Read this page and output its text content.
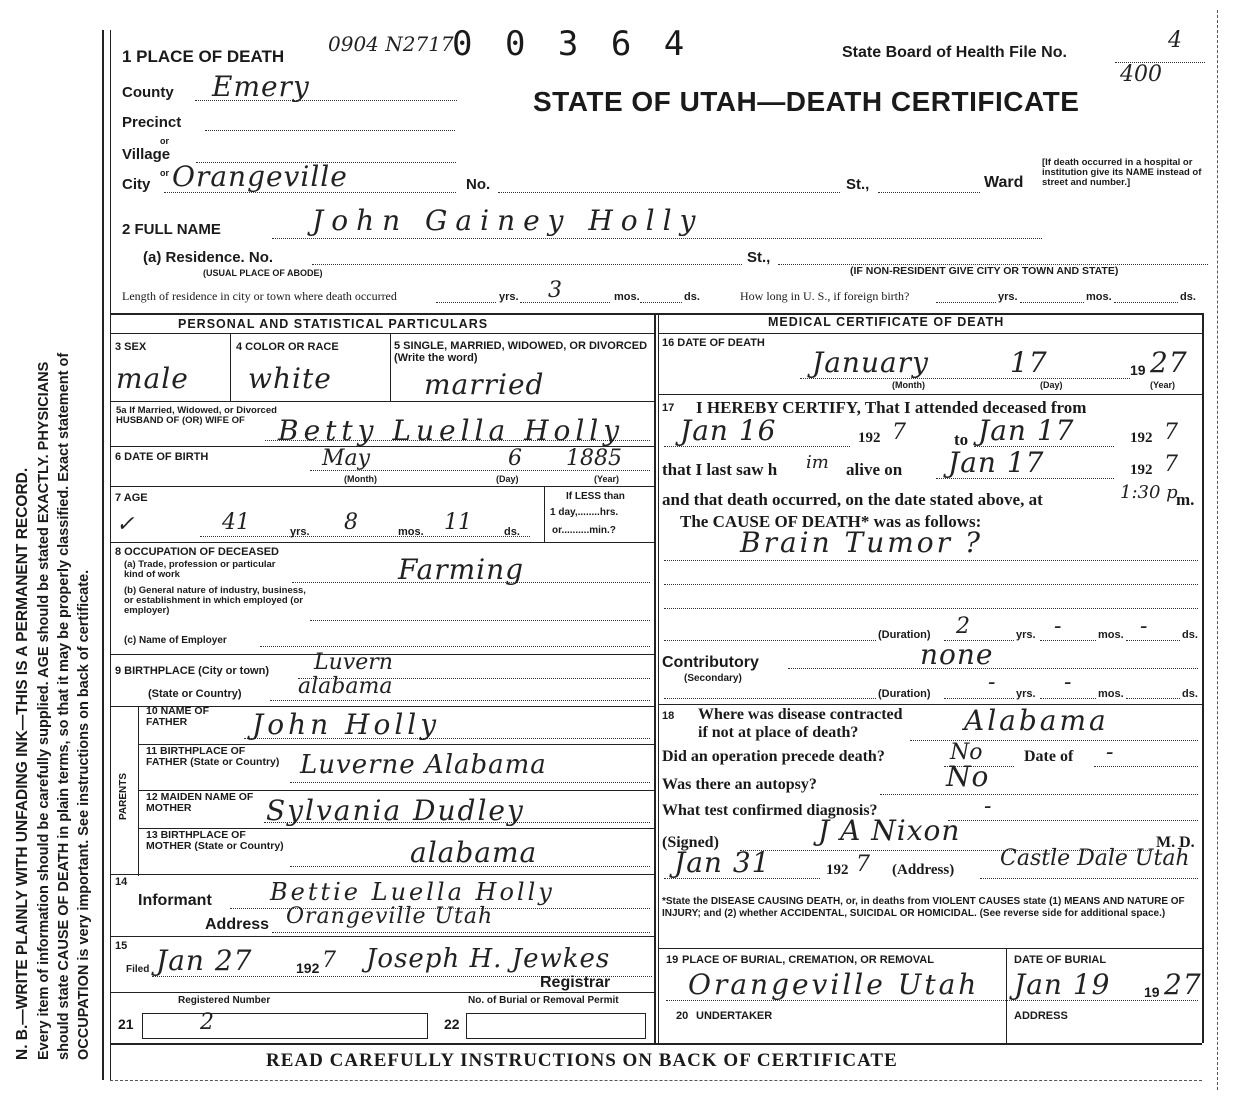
N. B.—WRITE PLAINLY WITH UNFADING INK—THIS IS A PERMANENT RECORD. Every item of information should be carefully supplied. AGE should be stated EXACTLY. PHYSICIANS should state CAUSE OF DEATH in plain terms, so that it may be properly classified. Exact statement of OCCUPATION is very important. See instructions on back of certificate.
1 PLACE OF DEATH
0904 N2717
0 0 3 6 4	State Board of Health File No.	4
400
STATE OF UTAH—DEATH CERTIFICATE
County Emery
Precinct
or
Village
or
City Orangeville	No.	St.,	Ward
[If death occurred in a hospital or institution give its NAME instead of street and number.]
2 FULL NAME	John Gainey Holly
(a) Residence. No.
(USUAL PLACE OF ABODE)
St.,
(IF NON-RESIDENT GIVE CITY OR TOWN AND STATE)
Length of residence in city or town where death occurred	yrs. 3	mos.	ds.	How long in U. S., if foreign birth?	yrs.	mos.	ds.
PERSONAL AND STATISTICAL PARTICULARS	MEDICAL CERTIFICATE OF DEATH
3 SEX
male
4 COLOR OR RACE
white
5 SINGLE, MARRIED, WIDOWED, OR DIVORCED (Write the word)
married
5a If Married, Widowed, or Divorced HUSBAND OF (OR) WIFE OF	Betty Luella Holly
6 DATE OF BIRTH	May	6 1885
(Month)	(Day)	(Year)
7 AGE
✓	41	yrs. 8	mos. 11	ds.
If LESS than
1 day,........hrs.
or..........min.?
8 OCCUPATION OF DECEASED
(a) Trade, profession or particular kind of work	Farming
(b) General nature of industry, business, or establishment in which employed (or employer)
(c) Name of Employer
9 BIRTHPLACE (City or town) Luvern
(State or Country)	alabama
PARENTS
10 NAME OF FATHER	John Holly
11 BIRTHPLACE OF FATHER (State or Country) Luverne Alabama
12 MAIDEN NAME OF MOTHER	Sylvania Dudley
13 BIRTHPLACE OF MOTHER (State or Country)	alabama
14
Informant Bettie Luella Holly
Address Orangeville Utah
15
Filed Jan 27	192 7 Joseph H. Jewkes
Registrar
Registered Number
21	2
No. of Burial or Removal Permit
22
16 DATE OF DEATH
January	17	19 27
(Month)	(Day)	(Year)
17 I HEREBY CERTIFY, That I attended deceased from
Jan 16	192 7	to Jan 17	192 7
that I last saw h im alive on Jan 17	192 7
and that death occurred, on the date stated above, at	1:30 p
m.
The CAUSE OF DEATH* was as follows:
Brain Tumor ?
(Duration) 2	yrs. -	mos. -	ds.
Contributory
(Secondary)
none
(Duration)	- yrs. - mos.	ds.
18 Where was disease contracted
if not at place of death?	Alabama
Did an operation precede death?	No	Date of -
Was there an autopsy?	No
What test confirmed diagnosis?	-
(Signed)	J A Nixon	M. D.
Jan 31	192 7 (Address) Castle Dale Utah
*State the DISEASE CAUSING DEATH, or, in deaths from VIOLENT CAUSES state (1) MEANS AND NATURE OF INJURY; and (2) whether ACCIDENTAL, SUICIDAL OR HOMICIDAL. (See reverse side for additional space.)
19 PLACE OF BURIAL, CREMATION, OR REMOVAL	DATE OF BURIAL
Orangeville Utah Jan 19 19 27
20 UNDERTAKER	ADDRESS
READ CAREFULLY INSTRUCTIONS ON BACK OF CERTIFICATE
